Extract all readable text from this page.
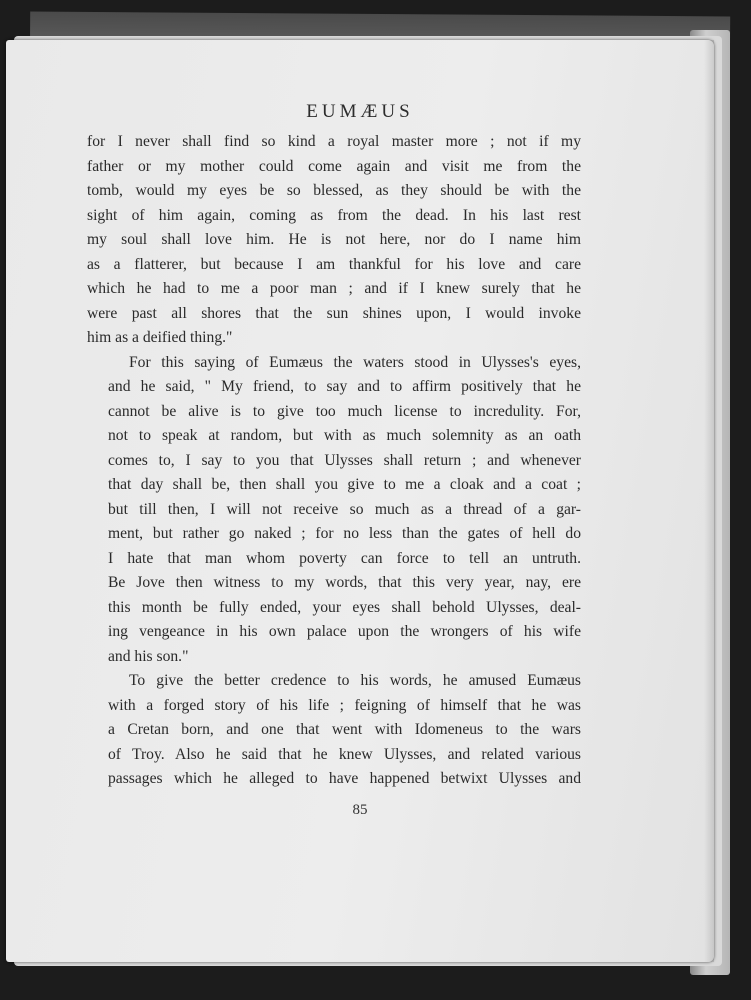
EUMÆUS

for I never shall find so kind a royal master more ; not if my
father or my mother could come again and visit me from the
tomb, would my eyes be so blessed, as they should be with the
sight of him again, coming as from the dead. In his last rest
my soul shall love him. He is not here, nor do I name him
as a flatterer, but because I am thankful for his love and care
which he had to me a poor man ; and if I knew surely that he
were past all shores that the sun shines upon, I would invoke
him as a deified thing."

For this saying of Eumæus the waters stood in Ulysses's eyes,
and he said, " My friend, to say and to affirm positively that he
cannot be alive is to give too much license to incredulity. For,
not to speak at random, but with as much solemnity as an oath
comes to, I say to you that Ulysses shall return ; and whenever
that day shall be, then shall you give to me a cloak and a coat ;
but till then, I will not receive so much as a thread of a gar-
ment, but rather go naked ; for no less than the gates of hell do
I hate that man whom poverty can force to tell an untruth.
Be Jove then witness to my words, that this very year, nay, ere
this month be fully ended, your eyes shall behold Ulysses, deal-
ing vengeance in his own palace upon the wrongers of his wife
and his son."

To give the better credence to his words, he amused Eumæus
with a forged story of his life ; feigning of himself that he was
a Cretan born, and one that went with Idomeneus to the wars
of Troy. Also he said that he knew Ulysses, and related various
passages which he alleged to have happened betwixt Ulysses and

85
